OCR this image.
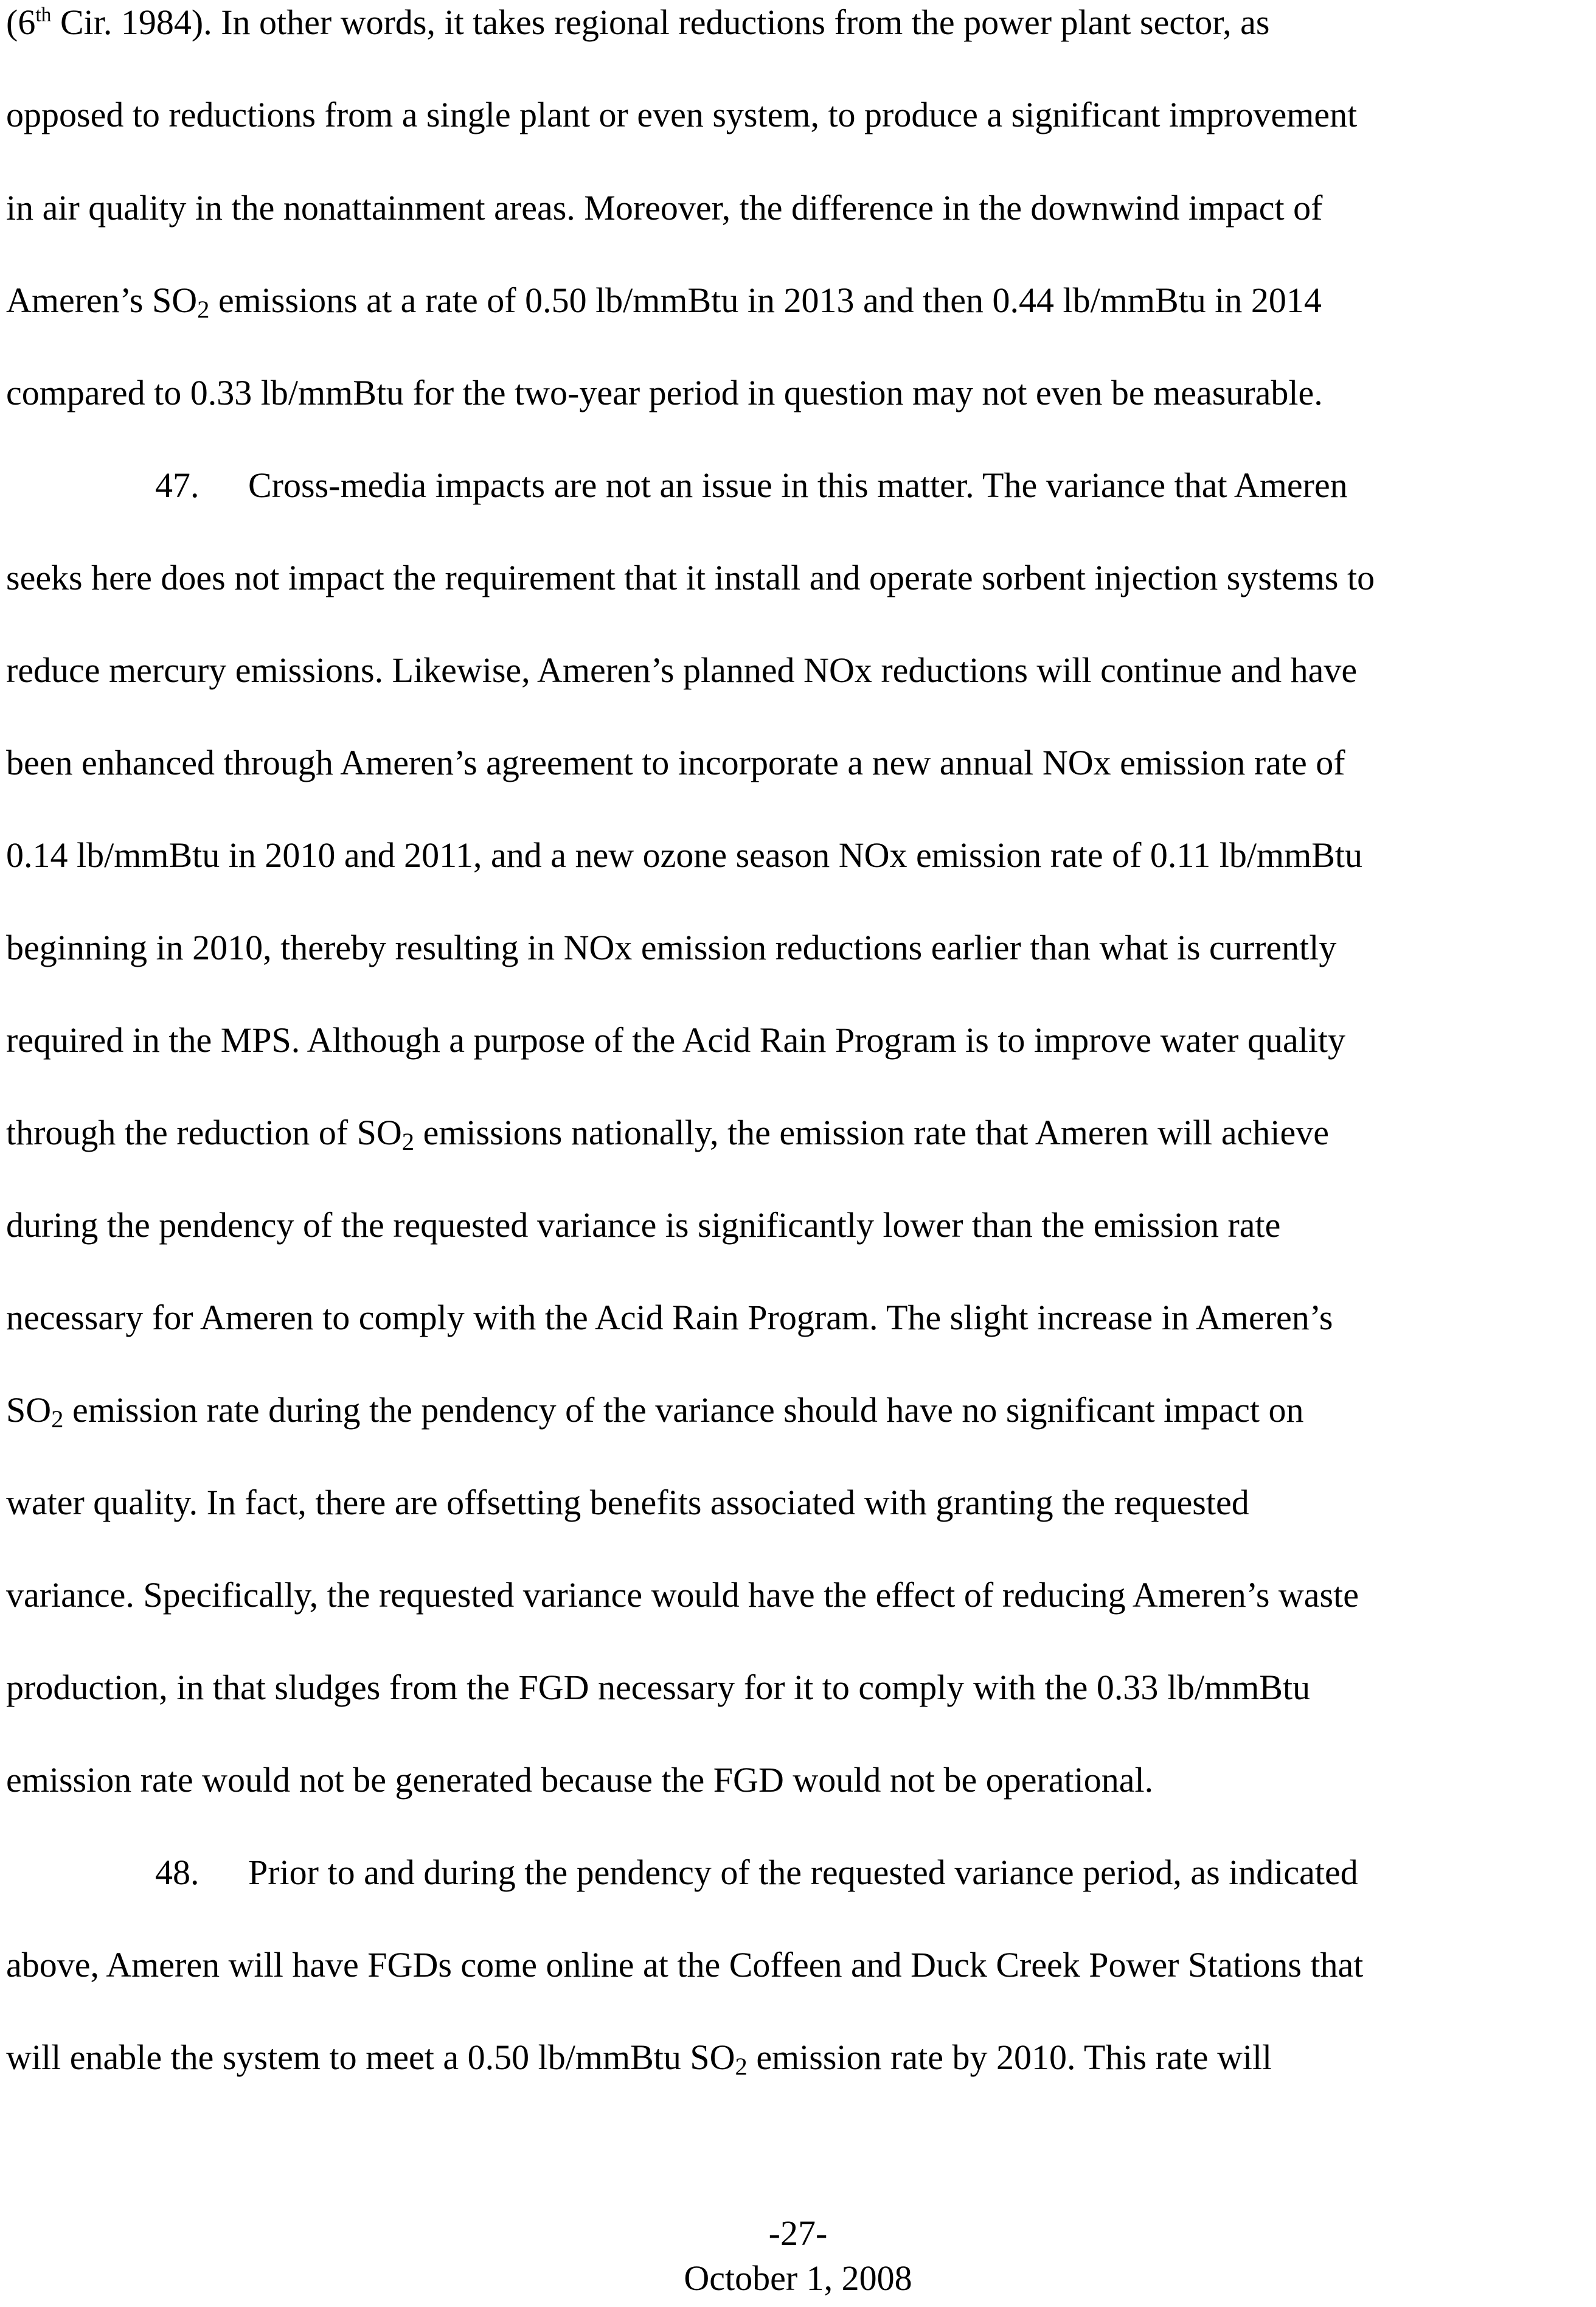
(6th Cir. 1984). In other words, it takes regional reductions from the power plant sector, as
opposed to reductions from a single plant or even system, to produce a significant improvement
in air quality in the nonattainment areas. Moreover, the difference in the downwind impact of
Ameren’s $SO_2$ emissions at a rate of 0.50 lb/mmBtu in 2013 and then 0.44 lb/mmBtu in 2014
compared to 0.33 lb/mmBtu for the two-year period in question may not even be measurable.
47. Cross-media impacts are not an issue in this matter. The variance that Ameren
seeks here does not impact the requirement that it install and operate sorbent injection systems to
reduce mercury emissions. Likewise, Ameren’s planned NOx reductions will continue and have
been enhanced through Ameren’s agreement to incorporate a new annual NOx emission rate of
0.14 lb/mmBtu in 2010 and 2011, and a new ozone season NOx emission rate of 0.11 lb/mmBtu
beginning in 2010, thereby resulting in NOx emission reductions earlier than what is currently
required in the MPS. Although a purpose of the Acid Rain Program is to improve water quality
through the reduction of $SO_2$ emissions nationally, the emission rate that Ameren will achieve
during the pendency of the requested variance is significantly lower than the emission rate
necessary for Ameren to comply with the Acid Rain Program. The slight increase in Ameren’s
$SO_2$ emission rate during the pendency of the variance should have no significant impact on
water quality. In fact, there are offsetting benefits associated with granting the requested
variance. Specifically, the requested variance would have the effect of reducing Ameren’s waste
production, in that sludges from the FGD necessary for it to comply with the 0.33 lb/mmBtu
emission rate would not be generated because the FGD would not be operational.
48. Prior to and during the pendency of the requested variance period, as indicated
above, Ameren will have FGDs come online at the Coffeen and Duck Creek Power Stations that
will enable the system to meet a 0.50 lb/mmBtu $SO_2$ emission rate by 2010. This rate will
-27-
October 1, 2008
